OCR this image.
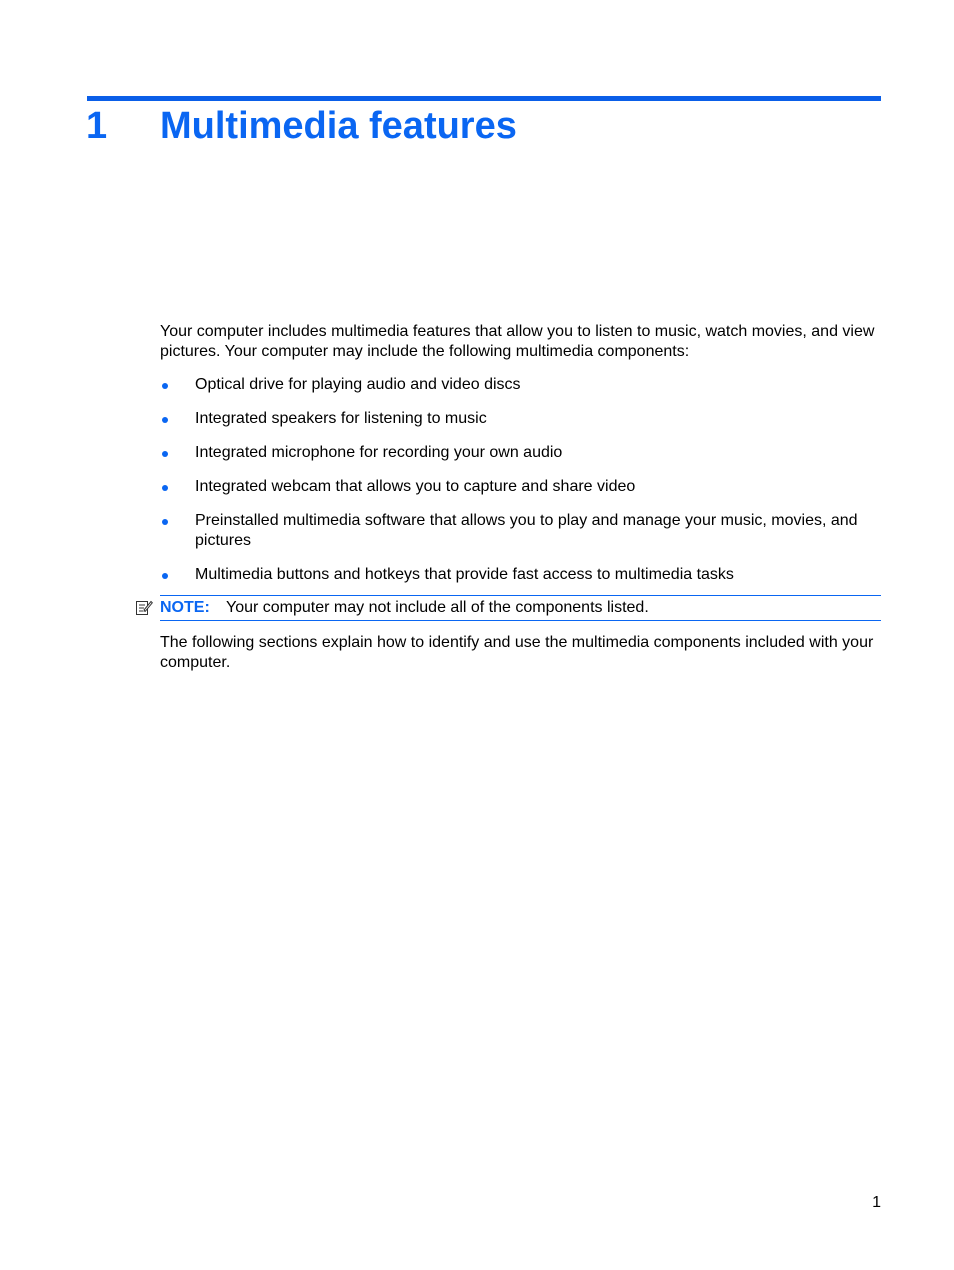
1 Multimedia features

Your computer includes multimedia features that allow you to listen to music, watch movies, and view pictures. Your computer may include the following multimedia components:

Optical drive for playing audio and video discs
Integrated speakers for listening to music
Integrated microphone for recording your own audio
Integrated webcam that allows you to capture and share video
Preinstalled multimedia software that allows you to play and manage your music, movies, and pictures
Multimedia buttons and hotkeys that provide fast access to multimedia tasks
NOTE: Your computer may not include all of the components listed.

The following sections explain how to identify and use the multimedia components included with your computer.

1
